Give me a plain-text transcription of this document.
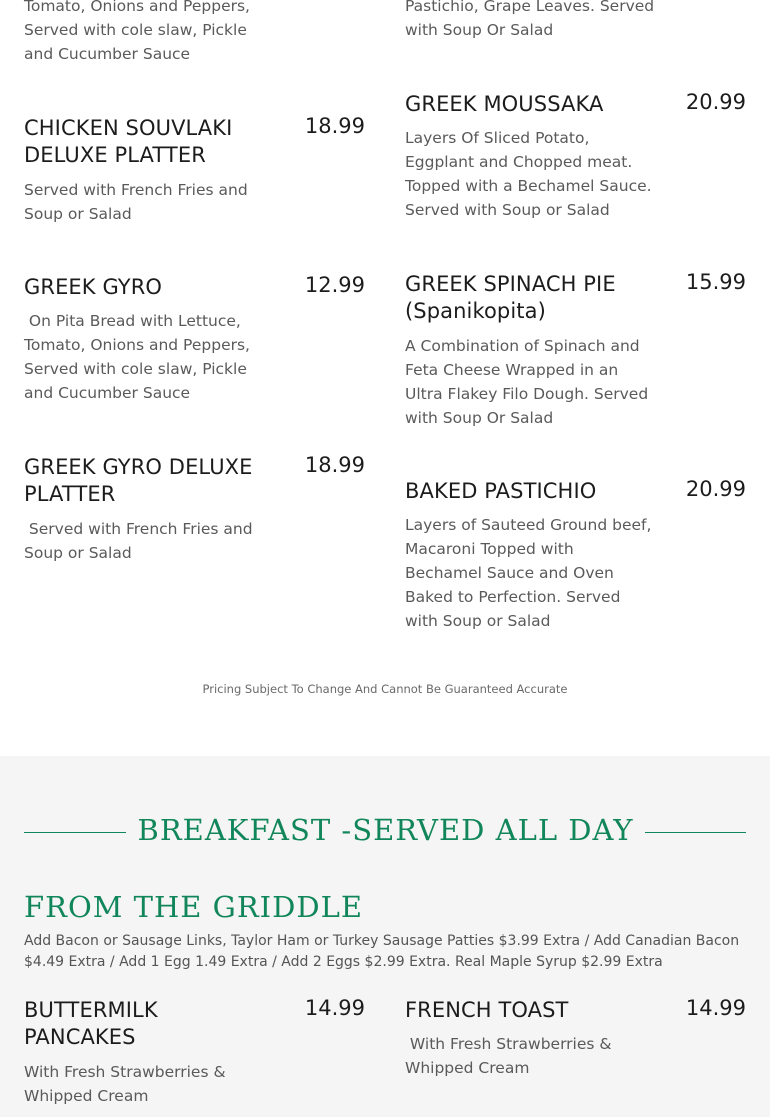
Tomato, Onions and Peppers,
Served with cole slaw, Pickle
and Cucumber Sauce
Pastichio, Grape Leaves. Served
with Soup Or Salad
CHICKEN SOUVLAKI
DELUXE PLATTER
18.99
Served with French Fries and
Soup or Salad
GREEK GYRO	12.99
On Pita Bread with Lettuce,
Tomato, Onions and Peppers,
Served with cole slaw, Pickle
and Cucumber Sauce
GREEK GYRO DELUXE
PLATTER
18.99
Served with French Fries and
Soup or Salad
GREEK MOUSSAKA	20.99
Layers Of Sliced Potato,
Eggplant and Chopped meat.
Topped with a Bechamel Sauce.
Served with Soup or Salad
GREEK SPINACH PIE
(Spanikopita)
15.99
A Combination of Spinach and
Feta Cheese Wrapped in an
Ultra Flakey Filo Dough. Served
with Soup Or Salad
BAKED PASTICHIO	20.99
Layers of Sauteed Ground beef,
Macaroni Topped with
Bechamel Sauce and Oven
Baked to Perfection. Served
with Soup or Salad
Pricing Subject To Change And Cannot Be Guaranteed Accurate
BREAKFAST -SERVED ALL DAY
FROM THE GRIDDLE
Add Bacon or Sausage Links, Taylor Ham or Turkey Sausage Patties $3.99 Extra / Add Canadian Bacon $4.49 Extra / Add 1 Egg 1.49 Extra / Add 2 Eggs $2.99 Extra. Real Maple Syrup $2.99 Extra
BUTTERMILK
PANCAKES
14.99
With Fresh Strawberries &
Whipped Cream
FRENCH TOAST	14.99
With Fresh Strawberries &
Whipped Cream
